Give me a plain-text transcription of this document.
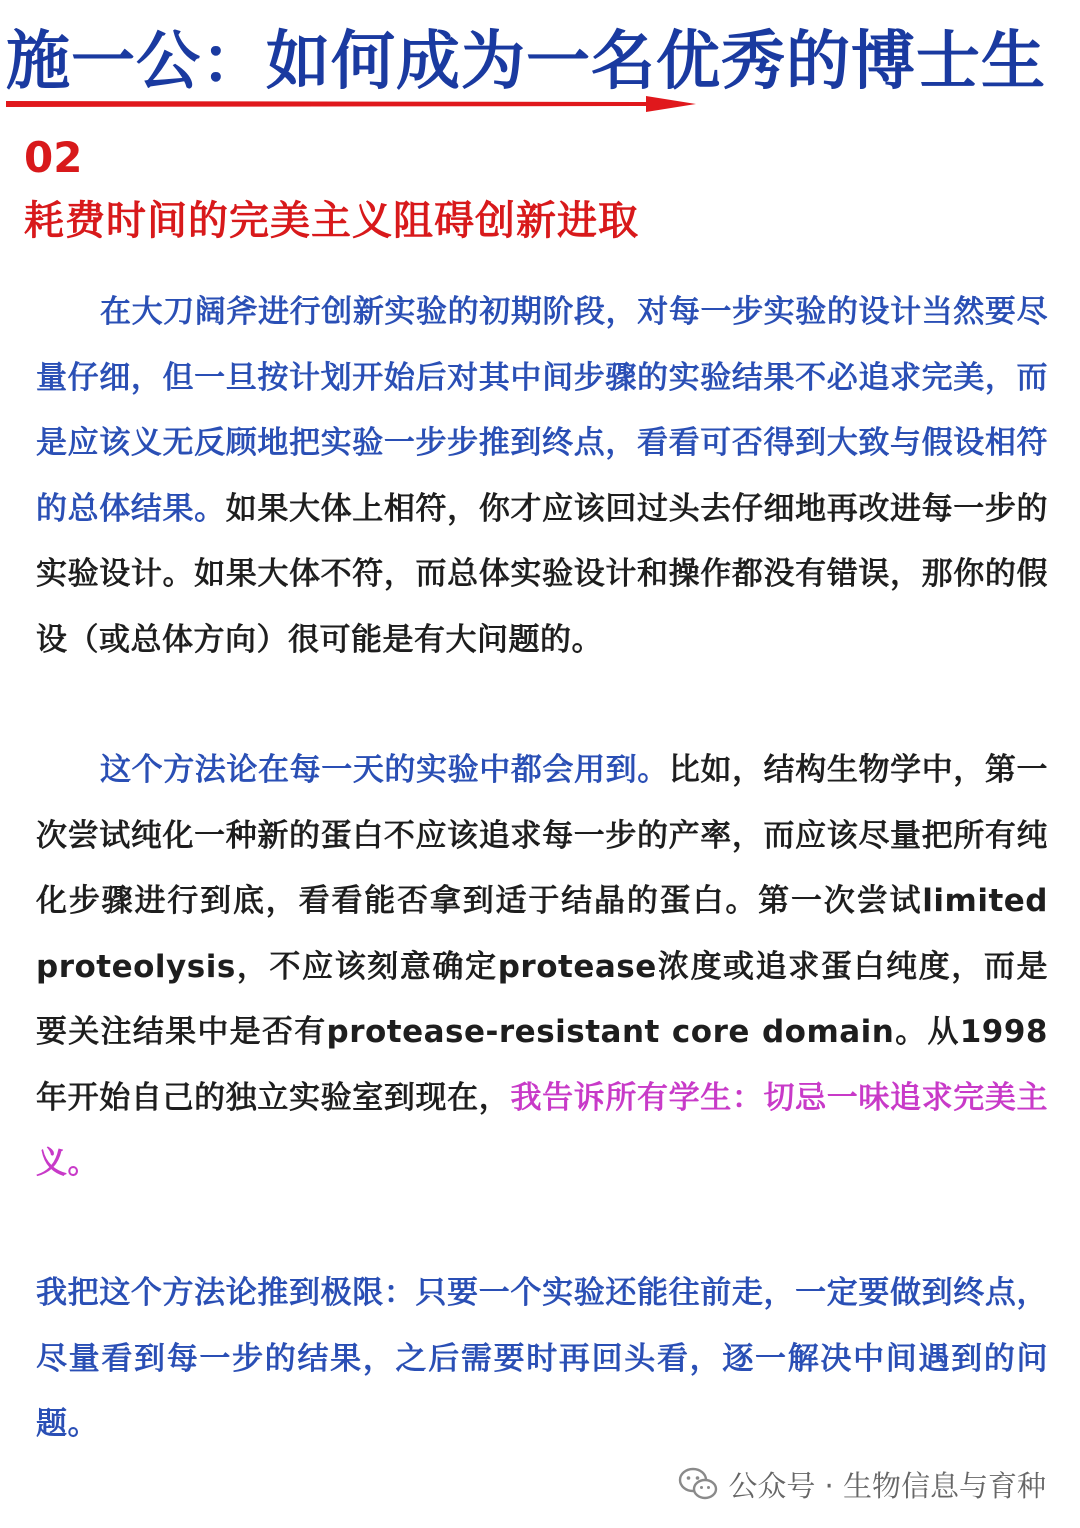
施一公：如何成为一名优秀的博士生
02
耗费时间的完美主义阻碍创新进取

在大刀阔斧进行创新实验的初期阶段，对每一步实验的设计当然要尽量仔细，但一旦按计划开始后对其中间步骤的实验结果不必追求完美，而是应该义无反顾地把实验一步步推到终点，看看可否得到大致与假设相符的总体结果。如果大体上相符，你才应该回过头去仔细地再改进每一步的实验设计。如果大体不符，而总体实验设计和操作都没有错误，那你的假设（或总体方向）很可能是有大问题的。

这个方法论在每一天的实验中都会用到。比如，结构生物学中，第一次尝试纯化一种新的蛋白不应该追求每一步的产率，而应该尽量把所有纯化步骤进行到底，看看能否拿到适于结晶的蛋白。第一次尝试limited proteolysis，不应该刻意确定protease浓度或追求蛋白纯度，而是要关注结果中是否有protease-resistant core domain。从1998年开始自己的独立实验室到现在，我告诉所有学生：切忌一味追求完美主义。

我把这个方法论推到极限：只要一个实验还能往前走，一定要做到终点，尽量看到每一步的结果，之后需要时再回头看，逐一解决中间遇到的问题。

公众号 · 生物信息与育种
